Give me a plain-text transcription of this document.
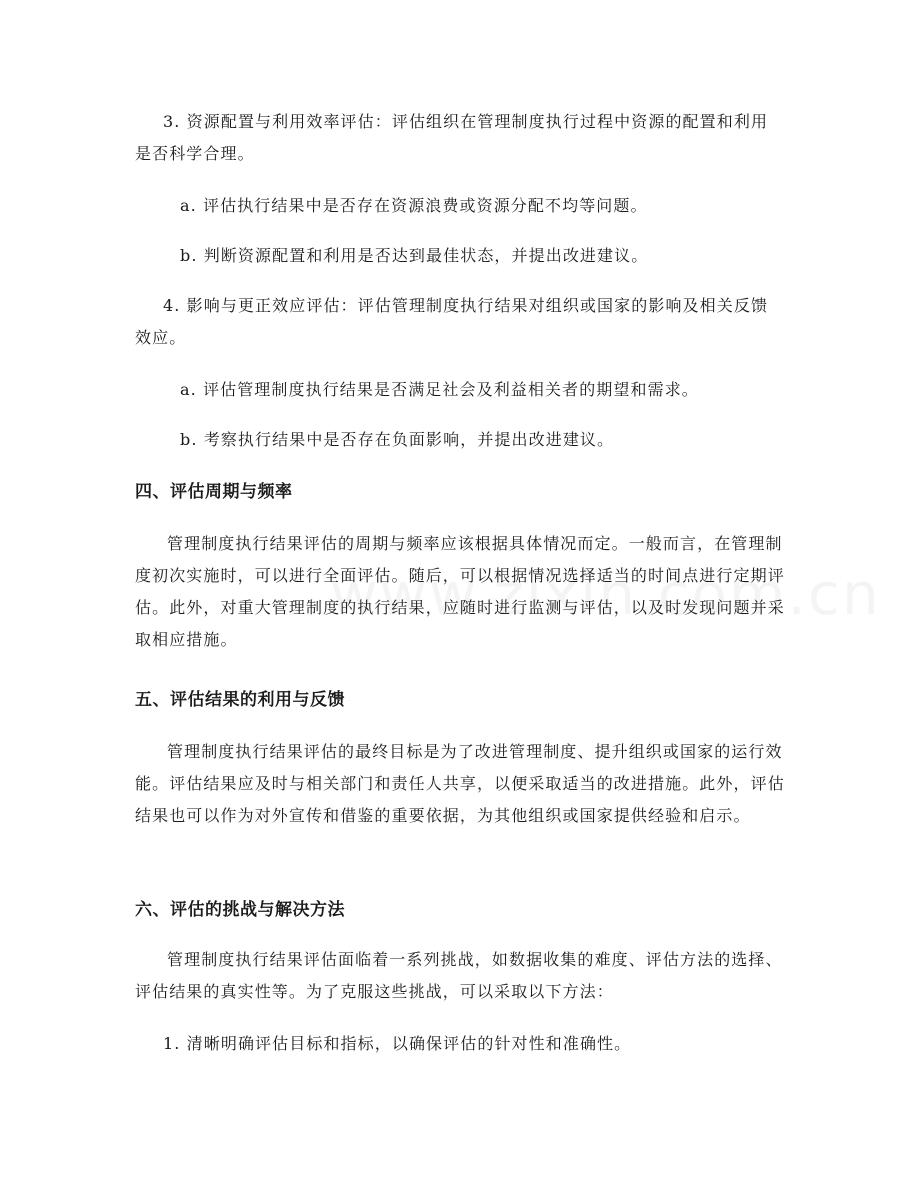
3. 资源配置与利用效率评估：评估组织在管理制度执行过程中资源的配置和利用是否科学合理。

a. 评估执行结果中是否存在资源浪费或资源分配不均等问题。

b. 判断资源配置和利用是否达到最佳状态，并提出改进建议。

4. 影响与更正效应评估：评估管理制度执行结果对组织或国家的影响及相关反馈效应。

a. 评估管理制度执行结果是否满足社会及利益相关者的期望和需求。

b. 考察执行结果中是否存在负面影响，并提出改进建议。

四、评估周期与频率

管理制度执行结果评估的周期与频率应该根据具体情况而定。一般而言，在管理制度初次实施时，可以进行全面评估。随后，可以根据情况选择适当的时间点进行定期评估。此外，对重大管理制度的执行结果，应随时进行监测与评估，以及时发现问题并采取相应措施。

五、评估结果的利用与反馈

管理制度执行结果评估的最终目标是为了改进管理制度、提升组织或国家的运行效能。评估结果应及时与相关部门和责任人共享，以便采取适当的改进措施。此外，评估结果也可以作为对外宣传和借鉴的重要依据，为其他组织或国家提供经验和启示。

六、评估的挑战与解决方法

管理制度执行结果评估面临着一系列挑战，如数据收集的难度、评估方法的选择、评估结果的真实性等。为了克服这些挑战，可以采取以下方法：

1. 清晰明确评估目标和指标，以确保评估的针对性和准确性。
